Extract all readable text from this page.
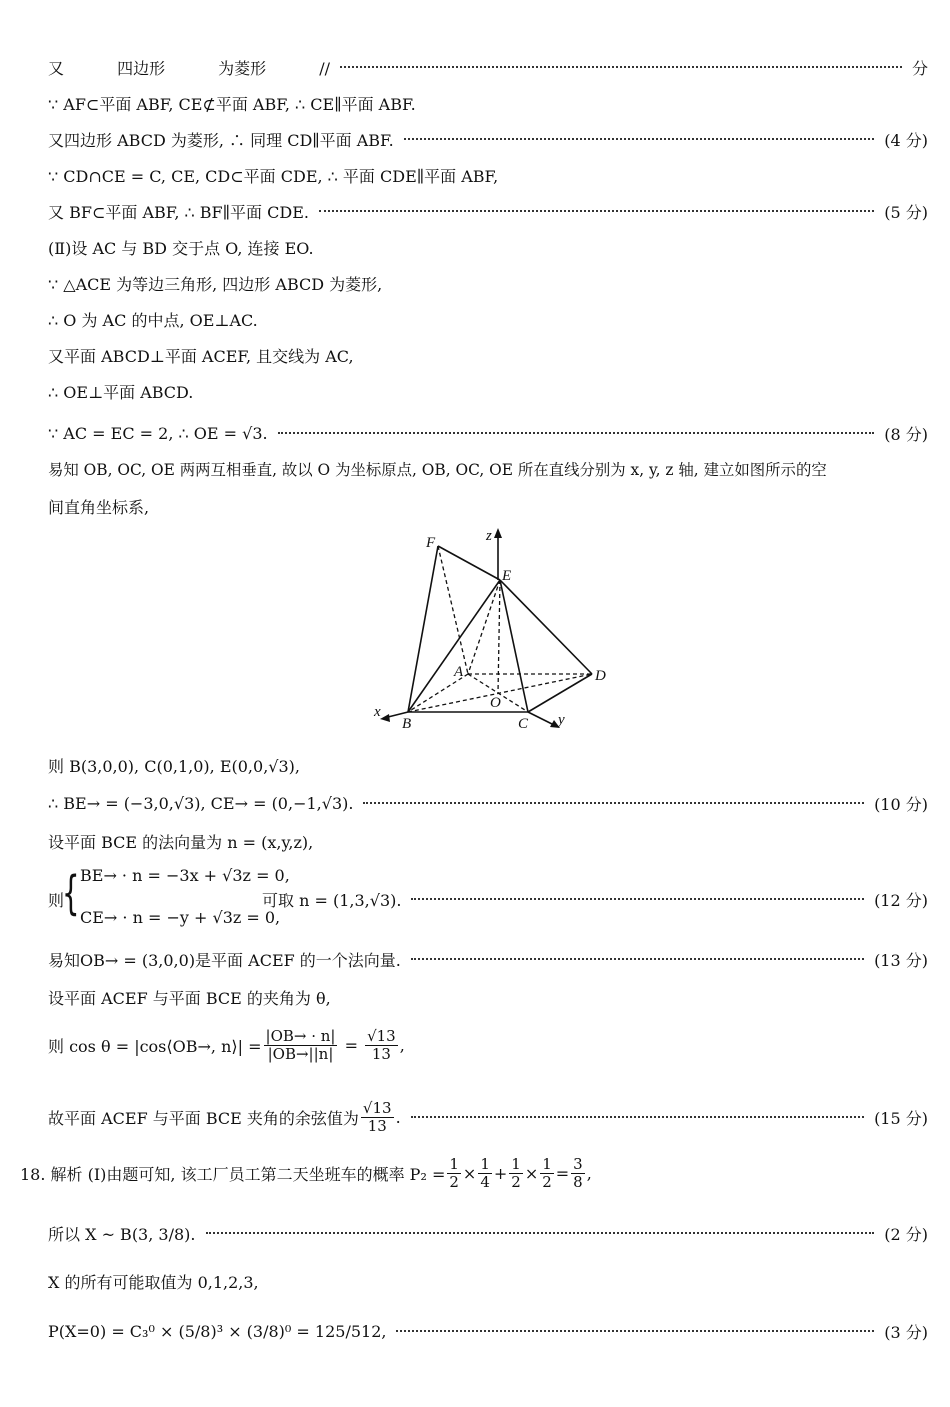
又 四边形 为菱形 //	分
∵ AF⊂平面 ABF, CE⊄平面 ABF, ∴ CE∥平面 ABF.
又四边形 ABCD 为菱形, ∴ 同理 CD∥平面 ABF.	(4 分)
∵ CD∩CE = C, CE, CD⊂平面 CDE, ∴ 平面 CDE∥平面 ABF,
又 BF⊂平面 ABF, ∴ BF∥平面 CDE.	(5 分)
(Ⅱ)设 AC 与 BD 交于点 O, 连接 EO.
∵ △ACE 为等边三角形, 四边形 ABCD 为菱形,
∴ O 为 AC 的中点, OE⊥AC.
又平面 ABCD⊥平面 ACEF, 且交线为 AC,
∴ OE⊥平面 ABCD.
∵ AC = EC = 2, ∴ OE = √3.	(8 分)
易知 OB, OC, OE 两两互相垂直, 故以 O 为坐标原点, OB, OC, OE 所在直线分别为 x, y, z 轴, 建立如图所示的空
间直角坐标系,
F
E
z
A	D
O
x
B	C y
则 B(3,0,0), C(0,1,0), E(0,0,√3),
∴ BE→ = (−3,0,√3), CE→ = (0,−1,√3).	(10 分)
设平面 BCE 的法向量为 n = (x,y,z),
则	可取 n = (1,3,√3).	(12 分)
{ BE→ · n = −3x + √3z = 0,
CE→ · n = −y + √3z = 0,
易知OB→ = (3,0,0)是平面 ACEF 的一个法向量.	(13 分)
设平面 ACEF 与平面 BCE 的夹角为 θ,
则 cos θ = |cos⟨OB→, n⟩| = $\frac{|OB\to \cdot n|}{|OB\to||n|} = \frac{√13}{13}$ ,
故平面 ACEF 与平面 BCE 夹角的余弦值为 $\frac{√13}{13}$ .	(15 分)
18. 解析 (Ⅰ)由题可知, 该工厂员工第二天坐班车的概率 $P_2 = \frac{1}{2} \times \frac{1}{4} + \frac{1}{2} \times \frac{1}{2} = \frac{3}{8}$ ,
所以 X ~ B(3, 3/8).	(2 分)
X 的所有可能取值为 0,1,2,3,
P(X=0) = C₃⁰ × (5/8)³ × (3/8)⁰ = 125/512,	(3 分)
